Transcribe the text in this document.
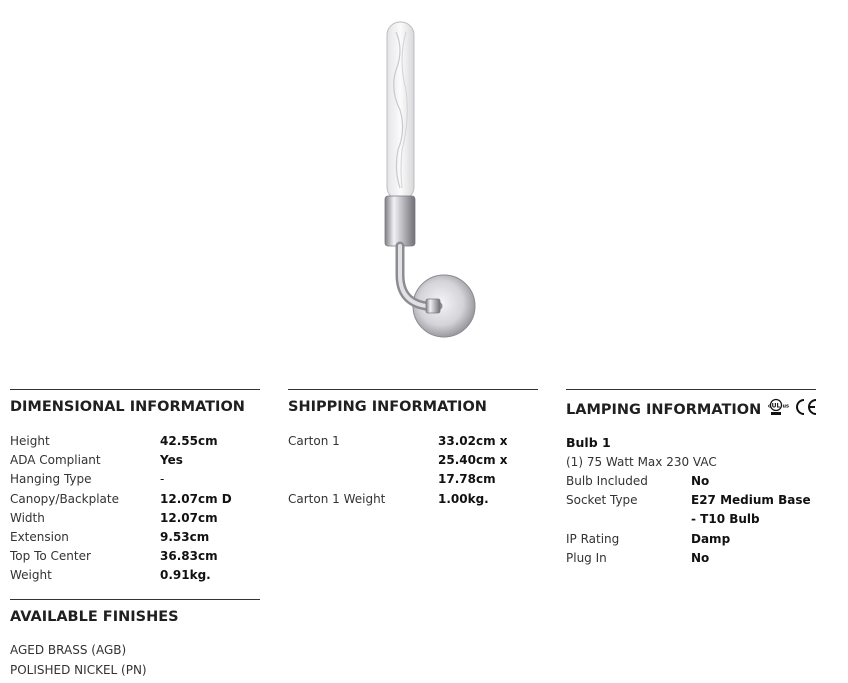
DIMENSIONAL INFORMATION
Height	42.55cm
ADA Compliant	Yes
Hanging Type	-
Canopy/Backplate	12.07cm D
Width	12.07cm
Extension	9.53cm
Top To Center	36.83cm
Weight	0.91kg.
SHIPPING INFORMATION
Carton 1	33.02cm x 25.40cm x 17.78cm
Carton 1 Weight	1.00kg.
LAMPING INFORMATION UL
c us
Bulb 1
(1) 75 Watt Max 230 VAC
Bulb Included	No
Socket Type	E27 Medium Base - T10 Bulb
IP Rating	Damp
Plug In	No
AVAILABLE FINISHES
AGED BRASS (AGB)
POLISHED NICKEL (PN)
